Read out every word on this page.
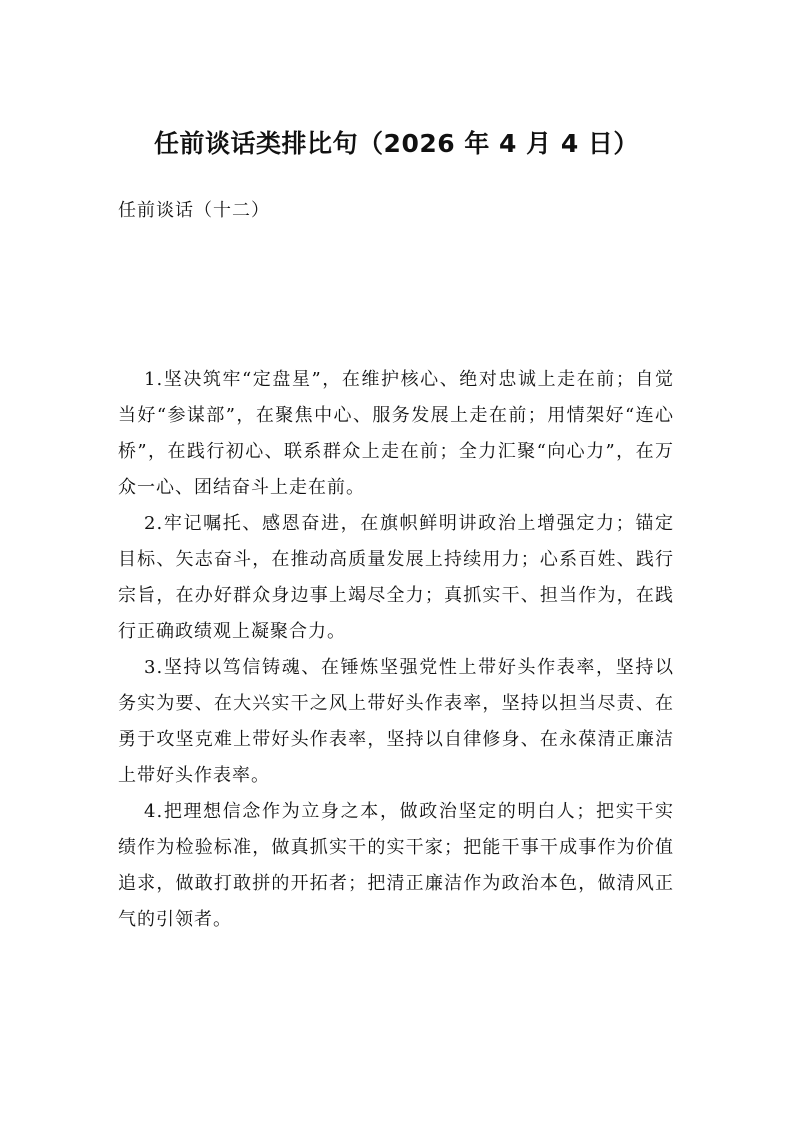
任前谈话类排比句（2026 年 4 月 4 日）
任前谈话（十二）

1.坚决筑牢“定盘星”，在维护核心、绝对忠诚上走在前；自觉当好“参谋部”，在聚焦中心、服务发展上走在前；用情架好“连心桥”，在践行初心、联系群众上走在前；全力汇聚“向心力”，在万众一心、团结奋斗上走在前。

2.牢记嘱托、感恩奋进，在旗帜鲜明讲政治上增强定力；锚定目标、矢志奋斗，在推动高质量发展上持续用力；心系百姓、践行宗旨，在办好群众身边事上竭尽全力；真抓实干、担当作为，在践行正确政绩观上凝聚合力。

3.坚持以笃信铸魂、在锤炼坚强党性上带好头作表率，坚持以务实为要、在大兴实干之风上带好头作表率，坚持以担当尽责、在勇于攻坚克难上带好头作表率，坚持以自律修身、在永葆清正廉洁上带好头作表率。

4.把理想信念作为立身之本，做政治坚定的明白人；把实干实绩作为检验标准，做真抓实干的实干家；把能干事干成事作为价值追求，做敢打敢拼的开拓者；把清正廉洁作为政治本色，做清风正气的引领者。
